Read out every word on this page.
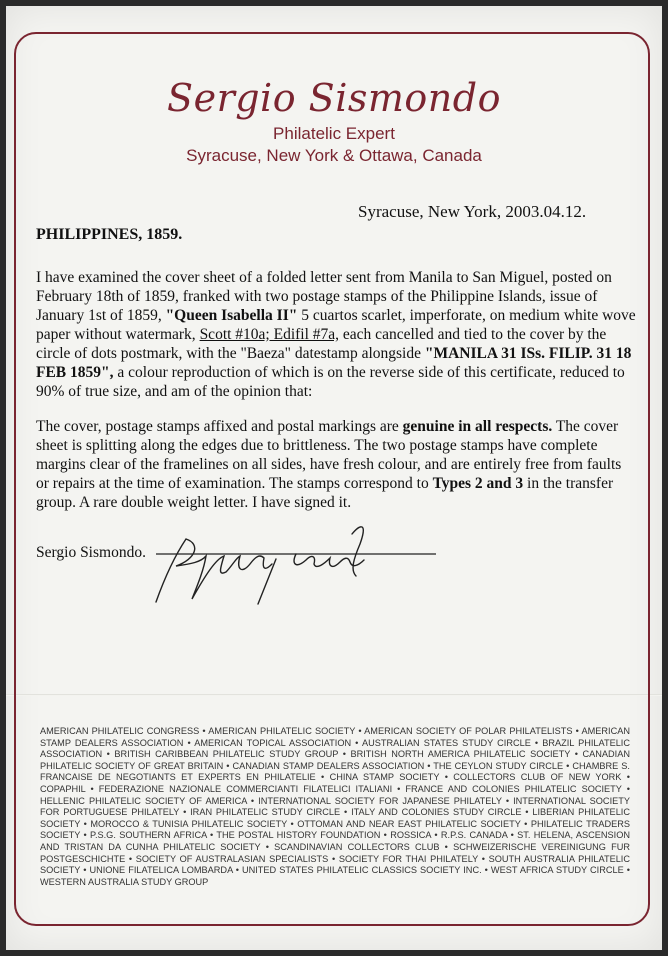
Sergio Sismondo
Philatelic Expert
Syracuse, New York & Ottawa, Canada
Syracuse, New York, 2003.04.12.
PHILIPPINES, 1859.

I have examined the cover sheet of a folded letter sent from Manila to San Miguel, posted on February 18th of 1859, franked with two postage stamps of the Philippine Islands, issue of January 1st of 1859, "Queen Isabella II" 5 cuartos scarlet, imperforate, on medium white wove paper without watermark, Scott #10a; Edifil #7a, each cancelled and tied to the cover by the circle of dots postmark, with the "Baeza" datestamp alongside "MANILA 31 ISs. FILIP. 31 18 FEB 1859", a colour reproduction of which is on the reverse side of this certificate, reduced to 90% of true size, and am of the opinion that:

The cover, postage stamps affixed and postal markings are genuine in all respects. The cover sheet is splitting along the edges due to brittleness. The two postage stamps have complete margins clear of the framelines on all sides, have fresh colour, and are entirely free from faults or repairs at the time of examination. The stamps correspond to Types 2 and 3 in the transfer group. A rare double weight letter. I have signed it.

Sergio Sismondo.
AMERICAN PHILATELIC CONGRESS • AMERICAN PHILATELIC SOCIETY • AMERICAN SOCIETY OF POLAR PHILATELISTS • AMERICAN STAMP DEALERS ASSOCIATION • AMERICAN TOPICAL ASSOCIATION • AUSTRALIAN STATES STUDY CIRCLE • BRAZIL PHILATELIC ASSOCIATION • BRITISH CARIBBEAN PHILATELIC STUDY GROUP • BRITISH NORTH AMERICA PHILATELIC SOCIETY • CANADIAN PHILATELIC SOCIETY OF GREAT BRITAIN • CANADIAN STAMP DEALERS ASSOCIATION • THE CEYLON STUDY CIRCLE • CHAMBRE S. FRANCAISE DE NEGOTIANTS ET EXPERTS EN PHILATELIE • CHINA STAMP SOCIETY • COLLECTORS CLUB OF NEW YORK • COPAPHIL • FEDERAZIONE NAZIONALE COMMERCIANTI FILATELICI ITALIANI • FRANCE AND COLONIES PHILATELIC SOCIETY • HELLENIC PHILATELIC SOCIETY OF AMERICA • INTERNATIONAL SOCIETY FOR JAPANESE PHILATELY • INTERNATIONAL SOCIETY FOR PORTUGUESE PHILATELY • IRAN PHILATELIC STUDY CIRCLE • ITALY AND COLONIES STUDY CIRCLE • LIBERIAN PHILATELIC SOCIETY • MOROCCO & TUNISIA PHILATELIC SOCIETY • OTTOMAN AND NEAR EAST PHILATELIC SOCIETY • PHILATELIC TRADERS SOCIETY • P.S.G. SOUTHERN AFRICA • THE POSTAL HISTORY FOUNDATION • ROSSICA • R.P.S. CANADA • ST. HELENA, ASCENSION AND TRISTAN DA CUNHA PHILATELIC SOCIETY • SCANDINAVIAN COLLECTORS CLUB • SCHWEIZERISCHE VEREINIGUNG FUR POSTGESCHICHTE • SOCIETY OF AUSTRALASIAN SPECIALISTS • SOCIETY FOR THAI PHILATELY • SOUTH AUSTRALIA PHILATELIC SOCIETY • UNIONE FILATELICA LOMBARDA • UNITED STATES PHILATELIC CLASSICS SOCIETY INC. • WEST AFRICA STUDY CIRCLE • WESTERN AUSTRALIA STUDY GROUP
